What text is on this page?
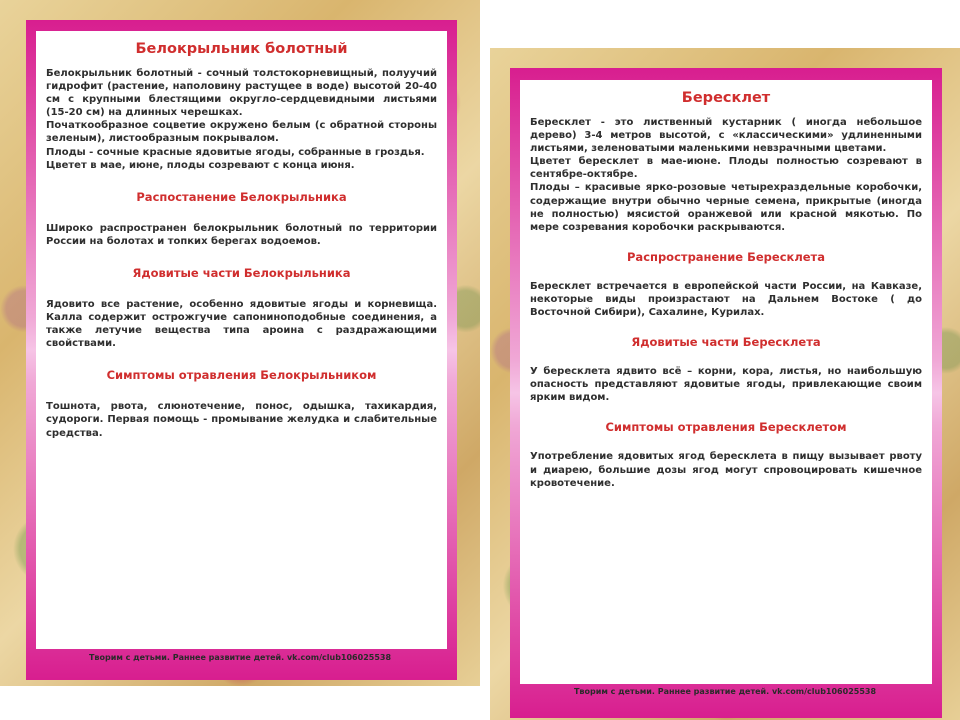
Белокрыльник болотный

Белокрыльник болотный - сочный толстокорневищный, полуучий гидрофит (растение, наполовину растущее в воде) высотой 20-40 см с крупными блестящими округло-сердцевидными листьями (15-20 см) на длинных черешках.

Початкообразное соцветие окружено белым (с обратной стороны зеленым), листообразным покрывалом.

Плоды - сочные красные ядовитые ягоды, собранные в гроздья.

Цветет в мае, июне, плоды созревают с конца июня.

Распостанение Белокрыльника

Широко распространен белокрыльник болотный по территории России на болотах и топких берегах водоемов.

Ядовитые части Белокрыльника

Ядовито все растение, особенно ядовитые ягоды и корневища. Калла содержит острожгучие сапониноподобные соединения, а также летучие вещества типа ароина с раздражающими свойствами.

Симптомы отравления Белокрыльником

Тошнота, рвота, слюнотечение, понос, одышка, тахикардия, судороги. Первая помощь - промывание желудка и слабительные средства.

Творим с детьми. Раннее развитие детей. vk.com/club106025538
Бересклет

Бересклет - это лиственный кустарник ( иногда небольшое дерево) 3-4 метров высотой, с «классическими» удлиненными листьями, зеленоватыми маленькими невзрачными цветами.

Цветет бересклет в мае-июне. Плоды полностью созревают в сентябре-октябре.

Плоды – красивые ярко-розовые четырехраздельные коробочки, содержащие внутри обычно черные семена, прикрытые (иногда не полностью) мясистой оранжевой или красной мякотью. По мере созревания коробочки раскрываются.

Распространение Бересклета

Бересклет встречается в европейской части России, на Кавказе, некоторые виды произрастают на Дальнем Востоке ( до Восточной Сибири), Сахалине, Курилах.

Ядовитые части Бересклета

У бересклета ядвито всё – корни, кора, листья, но наибольшую опасность представляют ядовитые ягоды, привлекающие своим ярким видом.

Симптомы отравления Бересклетом

Употребление ядовитых ягод бересклета в пищу вызывает рвоту и диарею, большие дозы ягод могут спровоцировать кишечное кровотечение.

Творим с детьми. Раннее развитие детей. vk.com/club106025538
